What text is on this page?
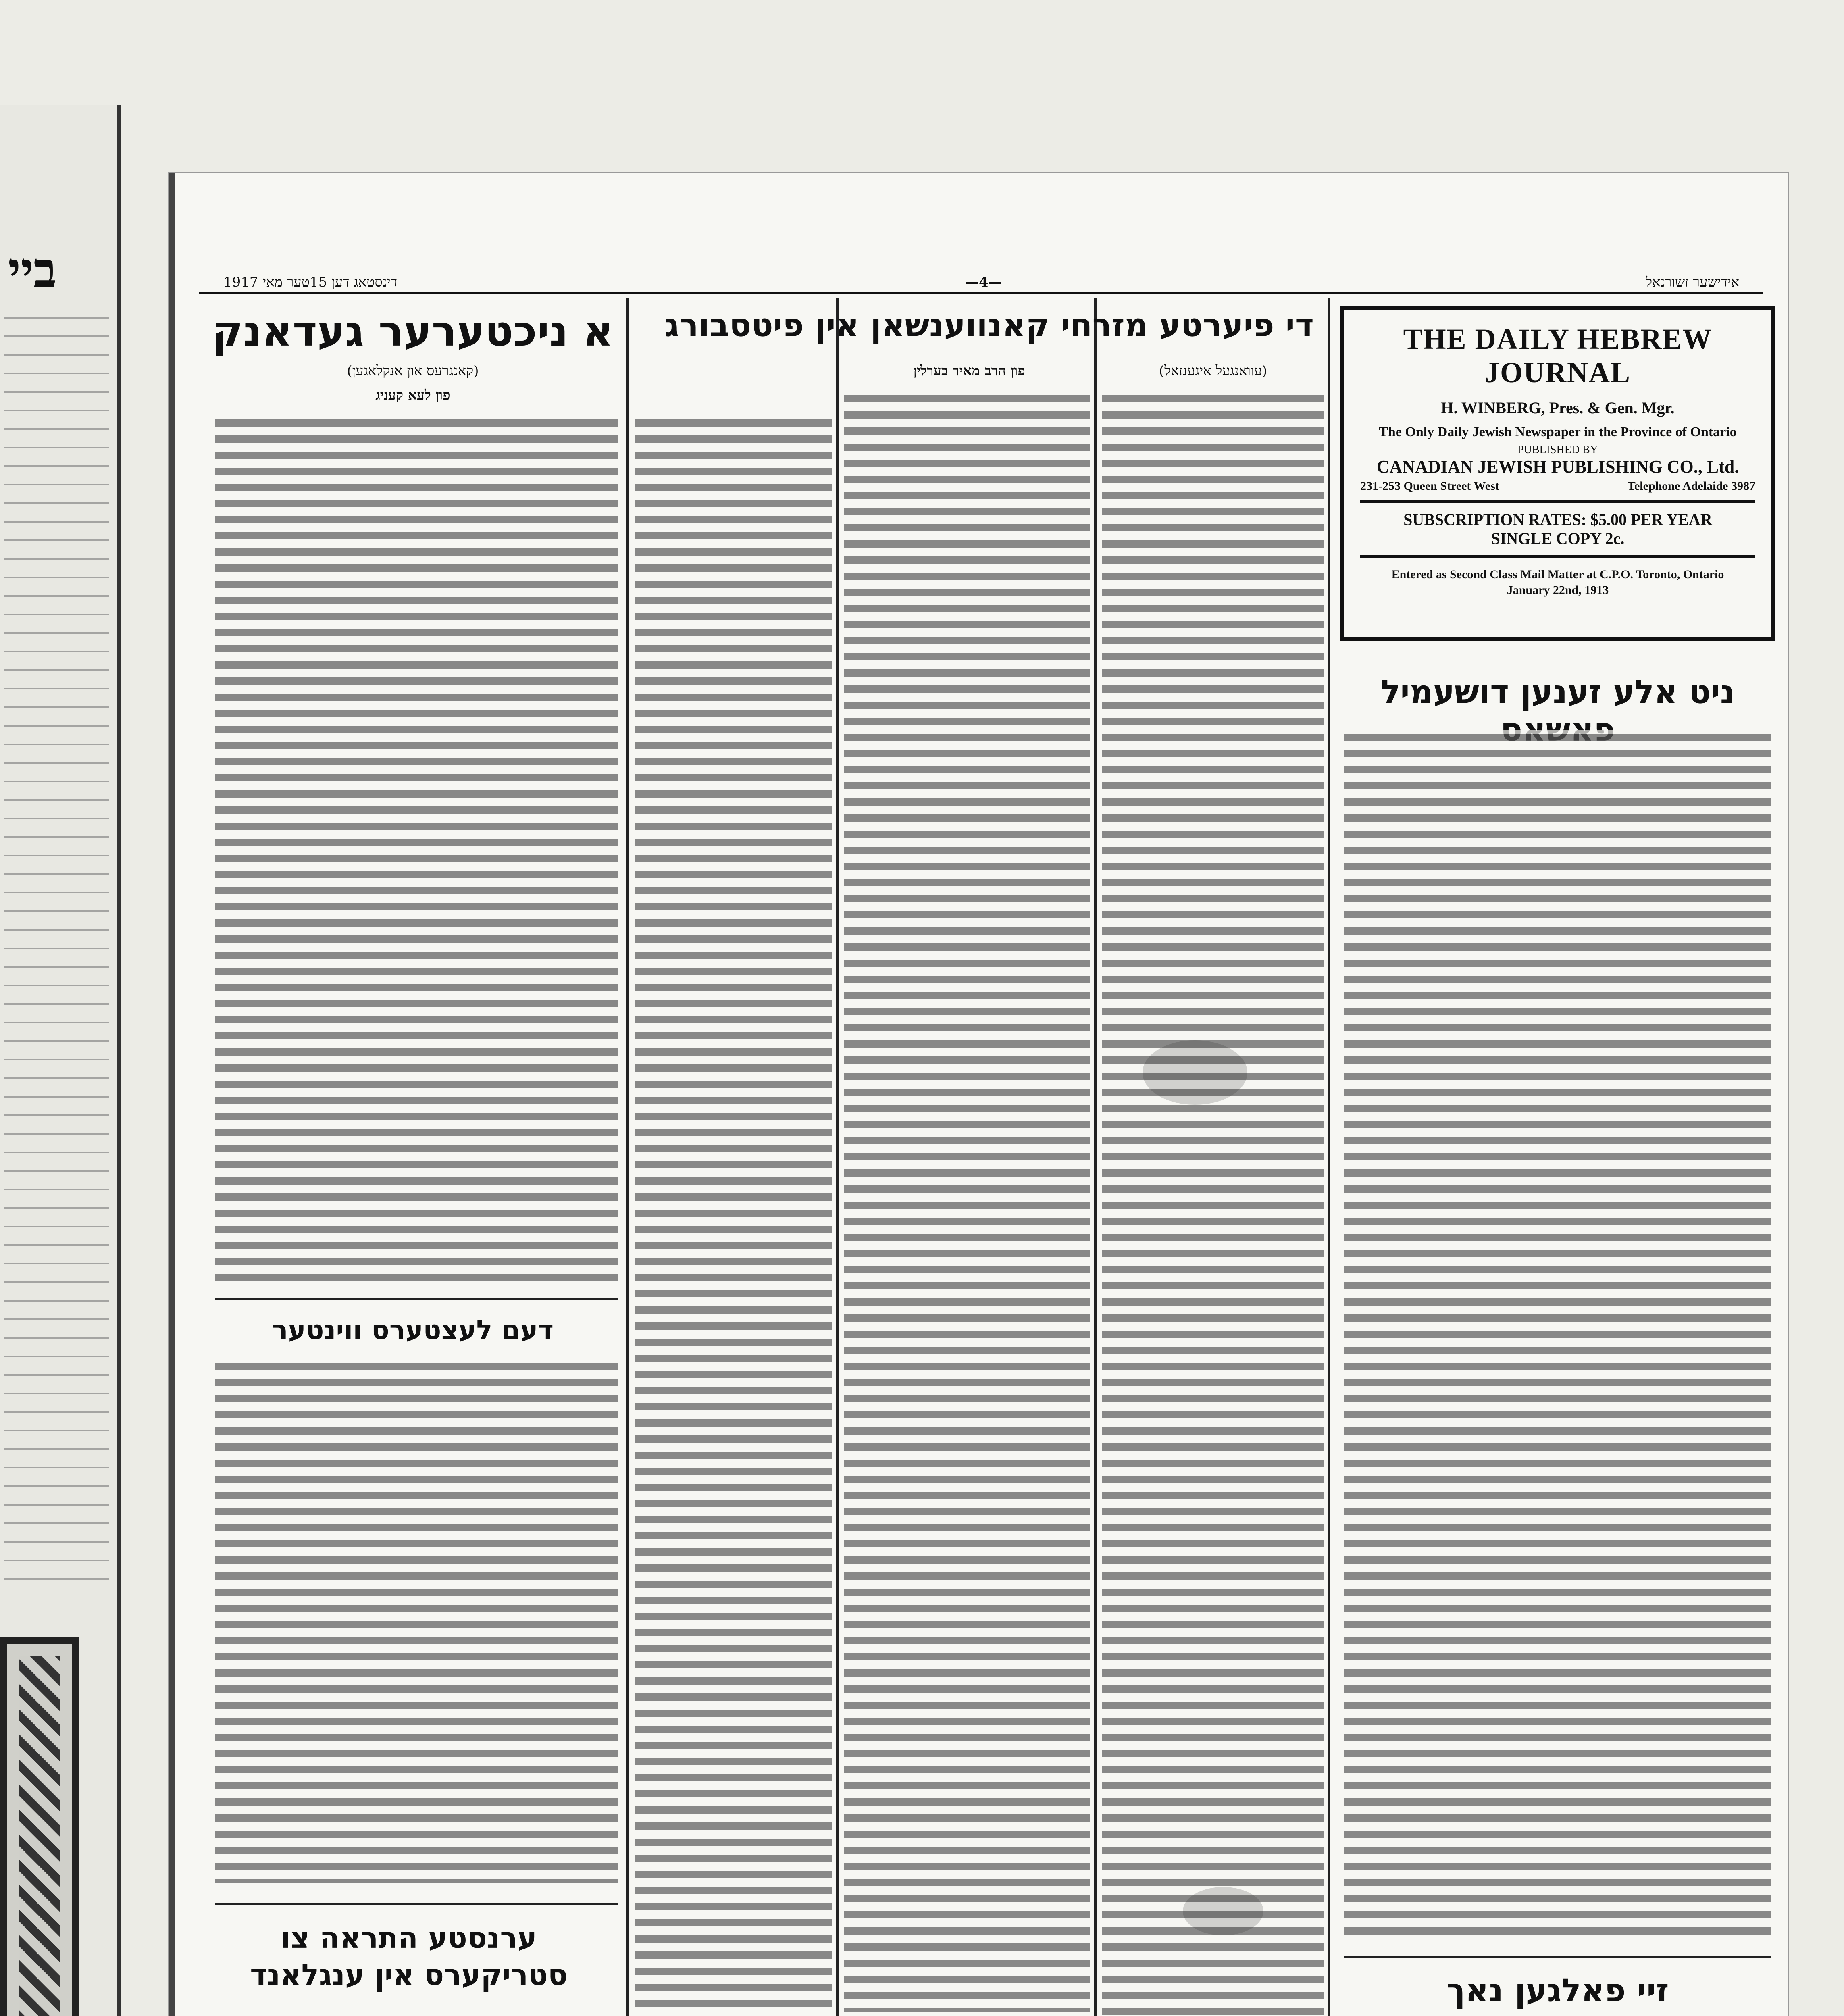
ביי	דינסטאג דען 15טער מאי 1917	—4—	אידישער זשורנאל
THE DAILY HEBREW JOURNAL
H. WINBERG, Pres. & Gen. Mgr.
The Only Daily Jewish Newspaper in the Province of Ontario
PUBLISHED BY
CANADIAN JEWISH PUBLISHING CO., Ltd.
231-253 Queen Street West	Telephone Adelaide 3987
SUBSCRIPTION RATES: $5.00 PER YEAR
SINGLE COPY 2c.
Entered as Second Class Mail Matter at C.P.O. Toronto, Ontario
January 22nd, 1913
א ניכטערער געדאנק
(קאנגרעס און אנקלאגען)
פון לעא קעניג
דעם לעצטערס ווינטער
ערנסטע התראה צו סטריקערס אין ענגלאנד
די פיערטע מזרחי קאנווענשאן אין פיטסבורג
פון הרב מאיר בערלין	(עוואנגעל איגענזאל)
ניט אלע זענען דושעמיל
זיי פאלגען נאך
